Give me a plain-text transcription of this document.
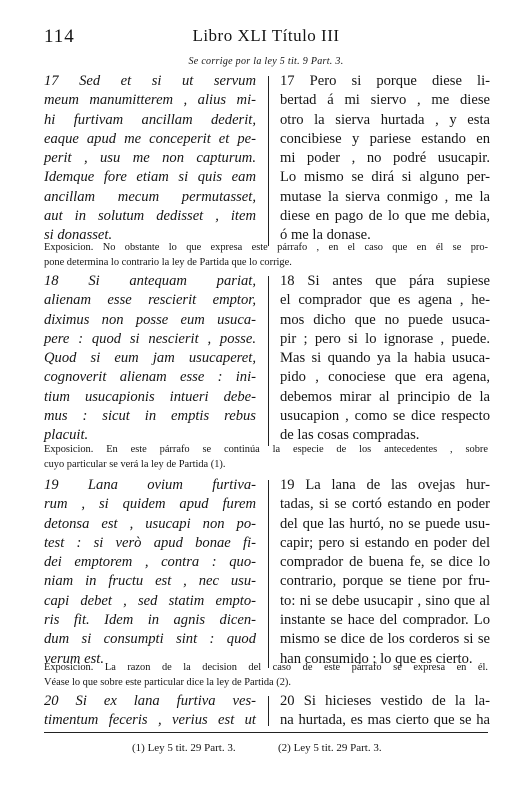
114	Libro XLI Título III
Se corrige por la ley 5 tit. 9 Part. 3.
17 Sed et si ut servum
meum manumitterem , alius mi-
hi furtivam ancillam dederit,
eaque apud me conceperit et pe-
perit , usu me non capturum.
Idemque fore etiam si quis eam
ancillam mecum permutasset,
aut in solutum dedisset , item
si donasset.
17 Pero si porque diese li-
bertad á mi siervo , me diese
otro la sierva hurtada , y esta
concibiese y pariese estando en
mi poder , no podré usucapir.
Lo mismo se dirá si alguno per-
mutase la sierva conmigo , me la
diese en pago de lo que me debia,
ó me la donase.
Exposicion. No obstante lo que expresa este párrafo , en el caso que en él se pro-
pone determina lo contrario la ley de Partida que lo corrige.
18 Si antequam pariat,
alienam esse rescierit emptor,
diximus non posse eum usuca-
pere : quod si nescierit , posse.
Quod si eum jam usucaperet,
cognoverit alienam esse : ini-
tium usucapionis intueri debe-
mus : sicut in emptis rebus
placuit.
18 Si antes que pára supiese
el comprador que es agena , he-
mos dicho que no puede usuca-
pir ; pero si lo ignorase , puede.
Mas si quando ya la habia usuca-
pido , conociese que era agena,
debemos mirar al principio de la
usucapion , como se dice respecto
de las cosas compradas.
Exposicion. En este párrafo se continúa la especie de los antecedentes , sobre
cuyo particular se verá la ley de Partida (1).
19 Lana ovium furtiva-
rum , si quidem apud furem
detonsa est , usucapi non po-
test : si verò apud bonae fi-
dei emptorem , contra : quo-
niam in fructu est , nec usu-
capi debet , sed statim empto-
ris fit. Idem in agnis dicen-
dum si consumpti sint : quod
verum est.
19 La lana de las ovejas hur-
tadas, si se cortó estando en poder
del que las hurtó, no se puede usu-
capir; pero si estando en poder del
comprador de buena fe, se dice lo
contrario, porque se tiene por fru-
to: ni se debe usucapir , sino que al
instante se hace del comprador. Lo
mismo se dice de los corderos si se
han consumido : lo que es cierto.
Exposicion. La razon de la decision del caso de este párrafo se expresa en él.
Véase lo que sobre este particular dice la ley de Partida (2).
20 Si ex lana furtiva ves-
timentum feceris , verius est ut
20 Si hicieses vestido de la la-
na hurtada, es mas cierto que se ha
(1) Ley 5 tit. 29 Part. 3.	(2) Ley 5 tit. 29 Part. 3.
